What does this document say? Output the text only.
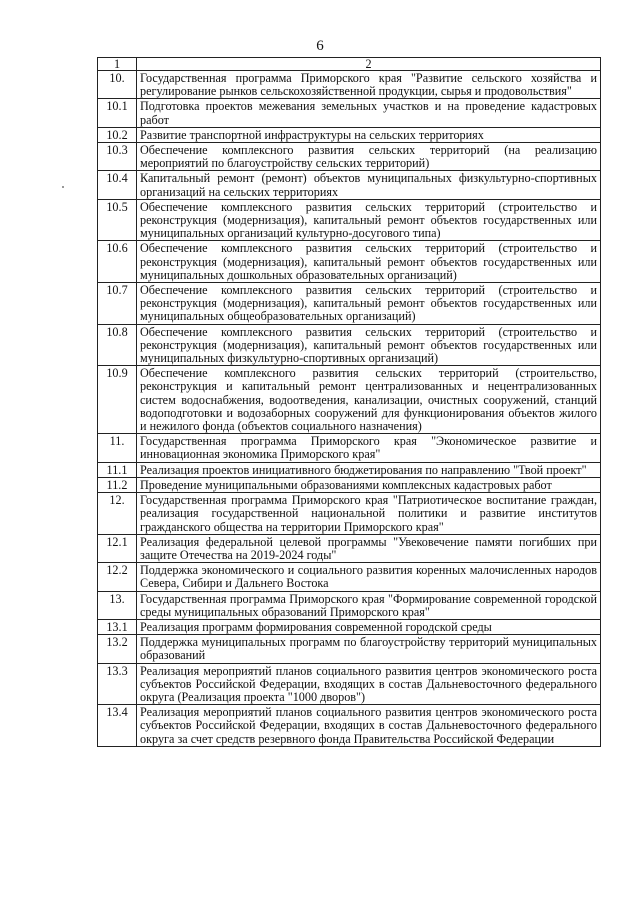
6
1	2
10.	Государственная программа Приморского края "Развитие сельского хозяйства и регулирование рынков сельскохозяйственной продукции, сырья и продовольствия"
10.1	Подготовка проектов межевания земельных участков и на проведение кадастровых работ
10.2	Развитие транспортной инфраструктуры на сельских территориях
10.3	Обеспечение комплексного развития сельских территорий (на реализацию мероприятий по благоустройству сельских территорий)
10.4	Капитальный ремонт (ремонт) объектов муниципальных физкультурно-спортивных организаций на сельских территориях
10.5	Обеспечение комплексного развития сельских территорий (строительство и реконструкция (модернизация), капитальный ремонт объектов государственных или муниципальных организаций культурно-досугового типа)
10.6	Обеспечение комплексного развития сельских территорий (строительство и реконструкция (модернизация), капитальный ремонт объектов государственных или муниципальных дошкольных образовательных организаций)
10.7	Обеспечение комплексного развития сельских территорий (строительство и реконструкция (модернизация), капитальный ремонт объектов государственных или муниципальных общеобразовательных организаций)
10.8	Обеспечение комплексного развития сельских территорий (строительство и реконструкция (модернизация), капитальный ремонт объектов государственных или муниципальных физкультурно-спортивных организаций)
10.9	Обеспечение комплексного развития сельских территорий (строительство, реконструкция и капитальный ремонт централизованных и нецентрализованных систем водоснабжения, водоотведения, канализации, очистных сооружений, станций водоподготовки и водозаборных сооружений для функционирования объектов жилого и нежилого фонда (объектов социального назначения)
11.	Государственная программа Приморского края "Экономическое развитие и инновационная экономика Приморского края"
11.1	Реализация проектов инициативного бюджетирования по направлению "Твой проект"
11.2	Проведение муниципальными образованиями комплексных кадастровых работ
12.	Государственная программа Приморского края "Патриотическое воспитание граждан, реализация государственной национальной политики и развитие институтов гражданского общества на территории Приморского края"
12.1	Реализация федеральной целевой программы "Увековечение памяти погибших при защите Отечества на 2019-2024 годы"
12.2	Поддержка экономического и социального развития коренных малочисленных народов Севера, Сибири и Дальнего Востока
13.	Государственная программа Приморского края "Формирование современной городской среды муниципальных образований Приморского края"
13.1	Реализация программ формирования современной городской среды
13.2	Поддержка муниципальных программ по благоустройству территорий муниципальных образований
13.3	Реализация мероприятий планов социального развития центров экономического роста субъектов Российской Федерации, входящих в состав Дальневосточного федерального округа (Реализация проекта "1000 дворов")
13.4	Реализация мероприятий планов социального развития центров экономического роста субъектов Российской Федерации, входящих в состав Дальневосточного федерального округа за счет средств резервного фонда Правительства Российской Федерации
